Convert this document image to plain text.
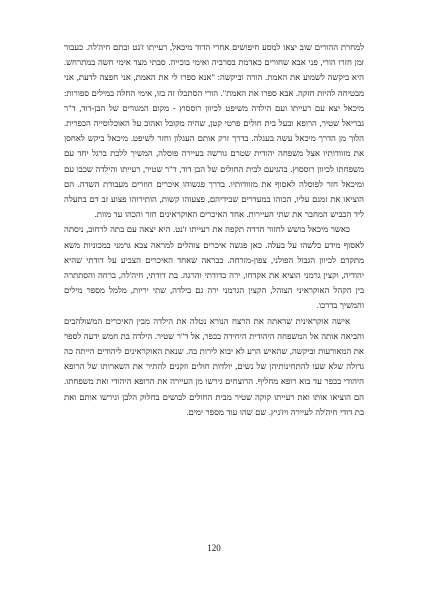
למחרת ההורים שוב יצאו למסע חיפושים אחרי הדוד מיכאל, רעייתו ז'נט ובתם חיה'לה. כעבור זמן חזרו הורי, פני אבא שחורים כאדמת בסרביה ואימי בוכייה. סבתי מצד אימי חשה במתרחש. היא ביקשה לשמוע את האמת. הורה וביקשה: "אנא ספרו לי את האמת, אני חפצה לדעת, אני מבטיחה להיות חזקה. אבא ספרו את האמת". הורי הסתכלו זה בזו, אימי החלה במילים ספורות: מיכאל יצא עם רעייתו ועם הילדה משיפט לכיוון רוססוץ - מקום המגורים של הבן-דוד, ד"ר גבריאל שטיר, הרופא ובעל בית חולים פרטי קטן, שהיה מקובל ואהוב על האוכלוסייה הכפרית. הלוך מן הדרך מיכאל עשה בעגלה. בדרך זרק אותם העגלון וחזר לשיפט. מיכאל ביקש לאחסן את מזוודותיו אצל משפחה יהודית שטרם גורשה בעיירה פוסלה, המשיך ללכת ברגל יחד עם משפחתו לכיוון רוססוץ. בהגיעם לבית החולים של הבן דוד, ד"ר שטיר, רעייתו והילדה שכבו עם ומיכאל חזר לפוסלה לאסוף את מזוודותיו. בדרך פגשוהו איכרים חוזרים מעבודת השדה. הם הוציאו את זמנם עליו, הכוהו במעדרים שבידיהם, פצעוהו קשות, הותירוהו פצוע זב דם בתעלה ליד הכביש המחבר את שתי העיירות. אחד האיכרים האוקראינים חזר והכהו עד מוות.

כאשר מיכאל בושש לחזור חרדה תקפה את רעייתו ז'נט. היא יצאה עם בתה לרחוב, ניסתה לאסוף מידע כלשהו על בעלה. כאן פגשה איכרים צוהלים למראה צבא גרמני במכוניות משא מתקדם לכיוון הגבול הפולני, צפון-מזרחה. כבראה שאחד האיכרים הצביע על דודתי שהיא יהודיה, וקצין גרמני הוציא את אקדחו, ירה בדודתי והרגה. בת דודתי, חיה'לה, ברחה והסתתרה בין הקהל האוקראיני הצוהל, הקצין הגרמני ירה גם בילדה, שתי יריות, מלמל מספר מילים והמשיך בדרכו.

אישה אוקראינית שראתה את הרצח הנורא נטלה את הילדה מבין האיכרים המשולהבים והביאה אותה אל המשפחה היהודית היחידה בכפר, אל ד"ר שטיר. הילדה בת חמש ידעה לספר את המאורעות וביקשה, שהאיש הרע לא יבוא לירות בה. שנאת האוקראינים ליהודים הייתה כה גדולה שלא שעו להתחינותיהן של נשים, יולדות חולים וזקנים להתיר את השארותו של הרופא היהודי בכפר עד בוא רופא מחליף. הרוצחים גירשו מן העיירה את הרופא היהודי ואת משפחתו. הם הוציאו אותו ואת רעייתו קוקה שטיר מבית החולים לבושים בחלוק הלבן וגירשו אותם ואת בת דודי חיה'לה לעיירה ויז'ניץ. שם שהו עוד מספר ימים.

120
